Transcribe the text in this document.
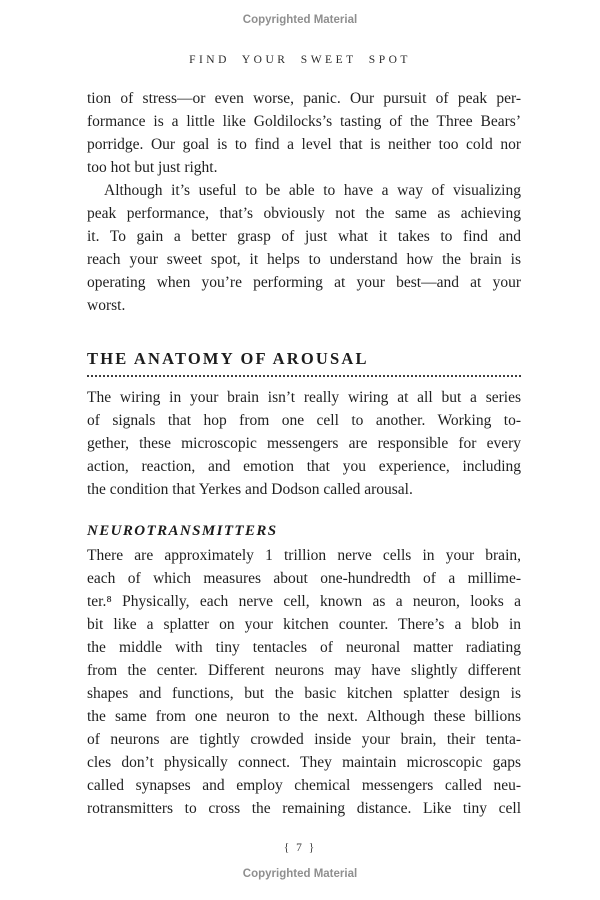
Copyrighted Material
FIND YOUR SWEET SPOT
tion of stress—or even worse, panic. Our pursuit of peak per-
formance is a little like Goldilocks’s tasting of the Three Bears’
porridge. Our goal is to find a level that is neither too cold nor
too hot but just right.
Although it’s useful to be able to have a way of visualizing
peak performance, that’s obviously not the same as achieving
it. To gain a better grasp of just what it takes to find and
reach your sweet spot, it helps to understand how the brain is
operating when you’re performing at your best—and at your
worst.
THE ANATOMY OF AROUSAL
The wiring in your brain isn’t really wiring at all but a series
of signals that hop from one cell to another. Working to-
gether, these microscopic messengers are responsible for every
action, reaction, and emotion that you experience, including
the condition that Yerkes and Dodson called arousal.
NEUROTRANSMITTERS
There are approximately 1 trillion nerve cells in your brain,
each of which measures about one-hundredth of a millime-
ter.⁸ Physically, each nerve cell, known as a neuron, looks a
bit like a splatter on your kitchen counter. There’s a blob in
the middle with tiny tentacles of neuronal matter radiating
from the center. Different neurons may have slightly different
shapes and functions, but the basic kitchen splatter design is
the same from one neuron to the next. Although these billions
of neurons are tightly crowded inside your brain, their tenta-
cles don’t physically connect. They maintain microscopic gaps
called synapses and employ chemical messengers called neu-
rotransmitters to cross the remaining distance. Like tiny cell
{ 7 }
Copyrighted Material
